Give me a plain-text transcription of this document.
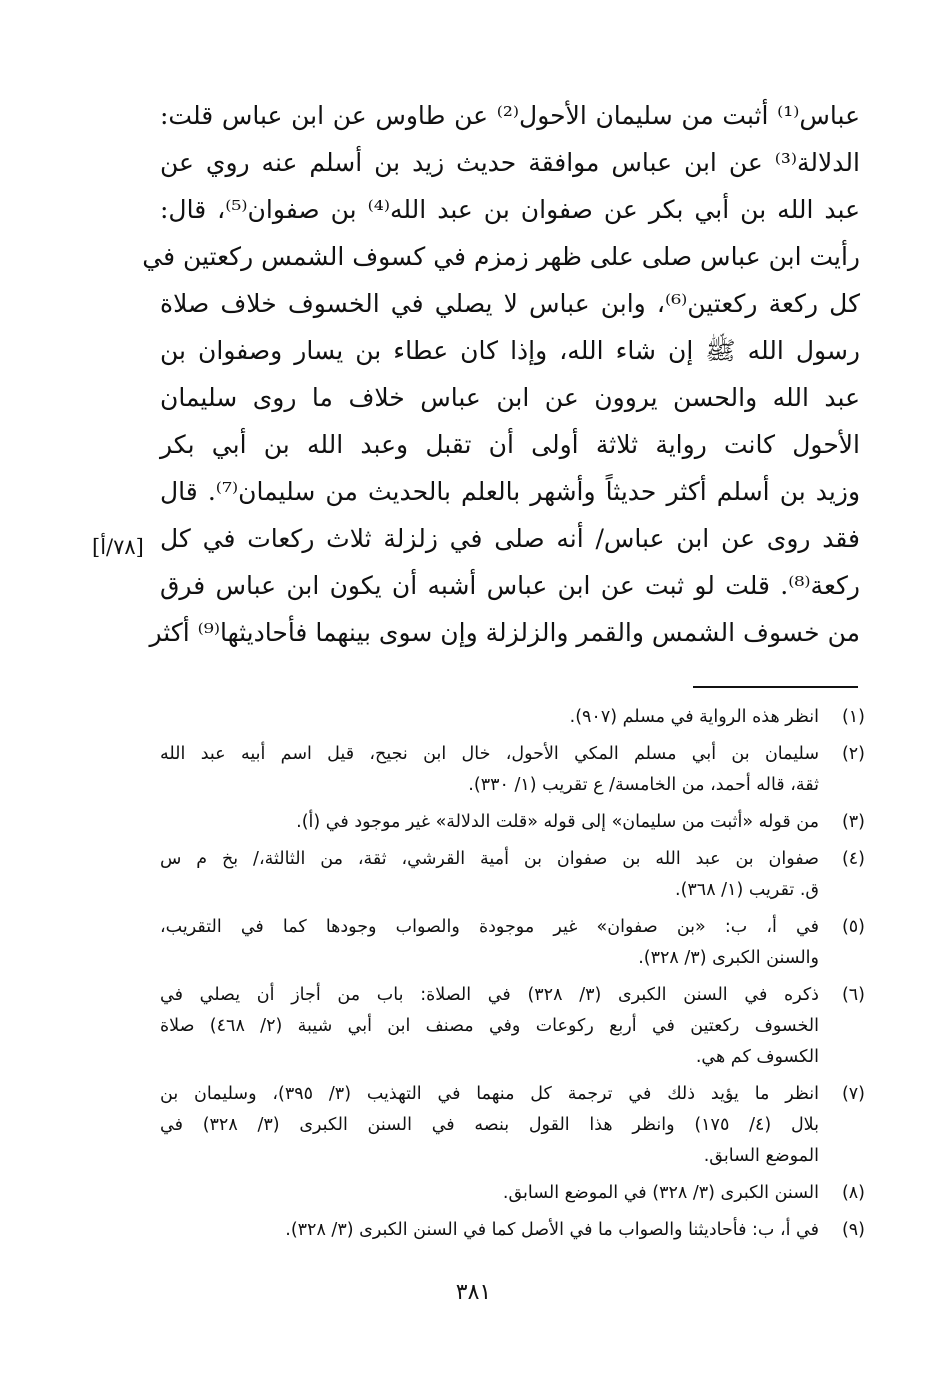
عباس⁽¹⁾ أثبت من سليمان الأحول⁽²⁾ عن طاوس عن ابن عباس قلت:
الدلالة⁽³⁾ عن ابن عباس موافقة حديث زيد بن أسلم عنه روي عن
عبد الله بن أبي بكر عن صفوان بن عبد الله⁽⁴⁾ بن صفوان⁽⁵⁾، قال:
رأيت ابن عباس صلى على ظهر زمزم في كسوف الشمس ركعتين في
كل ركعة ركعتين⁽⁶⁾، وابن عباس لا يصلي في الخسوف خلاف صلاة
رسول الله ﷺ إن شاء الله، وإذا كان عطاء بن يسار وصفوان بن
عبد الله والحسن يروون عن ابن عباس خلاف ما روى سليمان
الأحول كانت رواية ثلاثة أولى أن تقبل وعبد الله بن أبي بكر
وزيد بن أسلم أكثر حديثاً وأشهر بالعلم بالحديث من سليمان⁽⁷⁾. قال
فقد روى عن ابن عباس/ أنه صلى في زلزلة ثلاث ركعات في كل
ركعة⁽⁸⁾. قلت لو ثبت عن ابن عباس أشبه أن يكون ابن عباس فرق
من خسوف الشمس والقمر والزلزلة وإن سوى بينهما فأحاديثها⁽⁹⁾ أكثر
[٧٨/أ]
(١)
انظر هذه الرواية في مسلم (٩٠٧).
(٢)
سليمان بن أبي مسلم المكي الأحول، خال ابن نجيح، قيل اسم أبيه عبد الله
ثقة، قاله أحمد، من الخامسة/ ع تقريب (١/ ٣٣٠).
(٣)
من قوله «أثبت من سليمان» إلى قوله «قلت الدلالة» غير موجود في (أ).
(٤)
صفوان بن عبد الله بن صفوان بن أمية القرشي، ثقة، من الثالثة،/ بخ م س
ق. تقريب (١/ ٣٦٨).
(٥)
في أ، ب: «بن صفوان» غير موجودة والصواب وجودها كما في التقريب،
والسنن الكبرى (٣/ ٣٢٨).
(٦)
ذكره في السنن الكبرى (٣/ ٣٢٨) في الصلاة: باب من أجاز أن يصلي في
الخسوف ركعتين في أربع ركوعات وفي مصنف ابن أبي شيبة (٢/ ٤٦٨) صلاة
الكسوف كم هي.
(٧)
انظر ما يؤيد ذلك في ترجمة كل منهما في التهذيب (٣/ ٣٩٥)، وسليمان بن
بلال (٤/ ١٧٥) وانظر هذا القول بنصه في السنن الكبرى (٣/ ٣٢٨) في
الموضع السابق.
(٨)
السنن الكبرى (٣/ ٣٢٨) في الموضع السابق.
(٩)
في أ، ب: فأحاديثنا والصواب ما في الأصل كما في السنن الكبرى (٣/ ٣٢٨).
٣٨١
